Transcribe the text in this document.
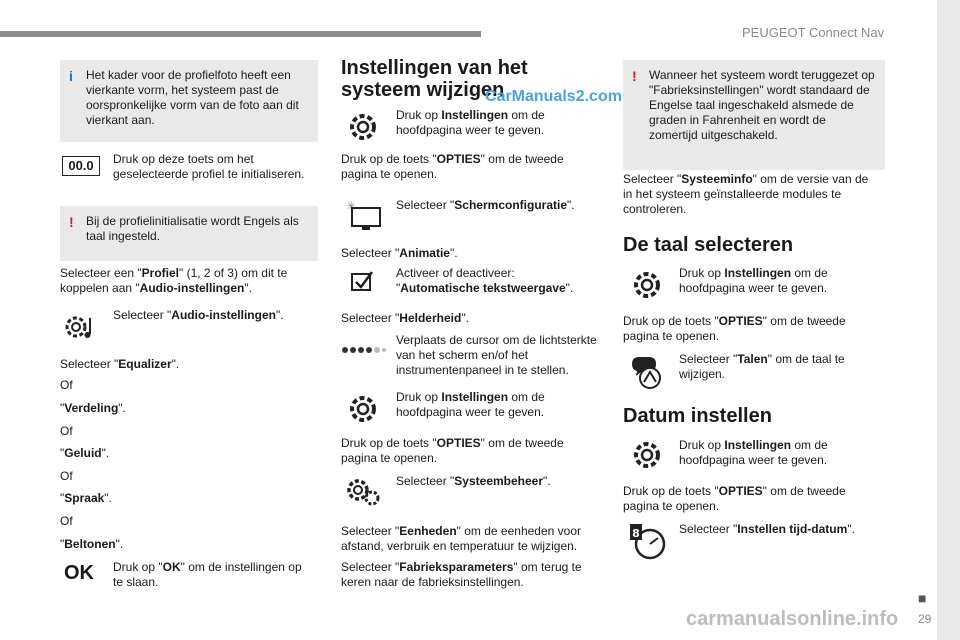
PEUGEOT Connect Nav
i Het kader voor de profielfoto heeft een vierkante vorm, het systeem past de oorspronkelijke vorm van de foto aan dit vierkant aan.
00.0	Druk op deze toets om het geselecteerde profiel te initialiseren.
! Bij de profielinitialisatie wordt Engels als taal ingesteld.
Selecteer een "Profiel" (1, 2 of 3) om dit te koppelen aan "Audio-instellingen".
Selecteer "Audio-instellingen".
Selecteer "Equalizer".
Of
"Verdeling".
Of
"Geluid".
Of
"Spraak".
Of
"Beltonen".
OK Druk op "OK" om de instellingen op te slaan.
Instellingen van het
systeem wijzigen
CarManuals2.com
Druk op Instellingen om de hoofdpagina weer te geven.
Druk op de toets "OPTIES" om de tweede pagina te openen.
✳	Selecteer "Schermconfiguratie".
Selecteer "Animatie".
Activeer of deactiveer: "Automatische tekstweergave".
Selecteer "Helderheid".
Verplaats de cursor om de lichtsterkte van het scherm en/of het instrumentenpaneel in te stellen.
Druk op Instellingen om de hoofdpagina weer te geven.
Druk op de toets "OPTIES" om de tweede pagina te openen.
Selecteer "Systeembeheer".
Selecteer "Eenheden" om de eenheden voor afstand, verbruik en temperatuur te wijzigen.
Selecteer "Fabrieksparameters" om terug te keren naar de fabrieksinstellingen.
! Wanneer het systeem wordt teruggezet op "Fabrieksinstellingen" wordt standaard de Engelse taal ingeschakeld alsmede de graden in Fahrenheit en wordt de zomertijd uitgeschakeld.
Selecteer "Systeeminfo" om de versie van de in het systeem geïnstalleerde modules te controleren.
De taal selecteren
Druk op Instellingen om de hoofdpagina weer te geven.
Druk op de toets "OPTIES" om de tweede pagina te openen.
Selecteer "Talen" om de taal te wijzigen.
Datum instellen
Druk op Instellingen om de hoofdpagina weer te geven.
Druk op de toets "OPTIES" om de tweede pagina te openen.
8	Selecteer "Instellen tijd-datum".
■
29
carmanualsonline.info
